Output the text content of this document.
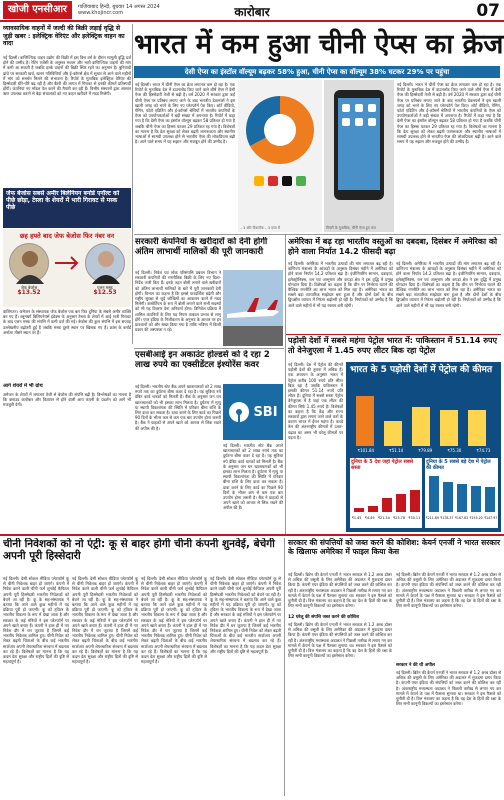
खोजी एनसीआर	गाजियाबाद हिन्दी, बुधवार 14 अगस्त 2024
www.khojincr.com	कारोबार	07
व्यावसायिक वाहनों में जल्दी की बिक्री लड़ाई वृद्धि से जुड़ी खबर : इलेक्ट्रिक वेरिएंट और इलेक्ट्रिक वाहन का वादा
नई दिल्ली। वाणिज्यिक वाहन उद्योग की बिक्री में इस वित्त वर्ष के दौरान मामूली वृद्धि दर्ज होने की उम्मीद है। रेटिंग एजेंसी के अनुसार मध्यम और भारी वाणिज्यिक वाहनों की मांग में कमी आ सकती है जबकि हल्के वाहनों की बिक्री स्थिर रहने का अनुमान है। बुनियादी ढांचे पर सरकारी खर्च, खनन गतिविधियों और ई-कॉमर्स क्षेत्र में सुधार से आने वाले महीनों में मांग को समर्थन मिलने की संभावना है। रिपोर्ट के मुताबिक इलेक्ट्रिक वेरिएंट की हिस्सेदारी धीरे-धीरे बढ़ रही है और बैटरी की लागत में गिरावट से इनकी कीमतें प्रतिस्पर्धी होंगी। कंपनियां नए मॉडल पेश करने की तैयारी कर रही हैं। वित्तीय संस्थानों द्वारा आसान ऋण उपलब्ध कराने से बेड़ा संचालकों को नए वाहन खरीदने में मदद मिलेगी।
जेफ बेजोस सबसे अमीर बिलेनियन बर्नार्ड एनॉल्ट को पीछे छोड़ा, टेस्ला के शेयरों में भारी गिरावट से मस्क पीछे
छह हफ्ते बाद जेफ बेजोस फिर नंबर वन
जेफ बेजोस
$13.52
एलन मस्क
$12.53
वाशिंगटन। अमेजन के संस्थापक जेफ बेजोस एक बार फिर दुनिया के सबसे अमीर व्यक्ति बन गए हैं। ब्लूमबर्ग बिलियनेयर्स इंडेक्स के अनुसार टेस्ला के शेयरों में आई भारी गिरावट के बाद एलन मस्क की संपत्ति में कमी दर्ज की गई। बेजोस की कुल संपत्ति में इस सप्ताह उल्लेखनीय बढ़ोतरी हुई है जबकि मस्क दूसरे स्थान पर खिसक गए हैं। फ्रांस के बर्नार्ड अर्नाल्ट तीसरे स्थान पर हैं।
आगे शेयरों में भी ग्रोथ
अमेजन के शेयरों में लगातार तेजी से बेजोस की संपत्ति बढ़ी है। विश्लेषकों का मानना है कि क्लाउड कारोबार और विज्ञापन से होने वाली आय कंपनी के प्रदर्शन को आगे भी मजबूती देगी।
भारत में कम हुआ चीनी ऐप्स का क्रेज
देसी ऐप्स का इंस्टॉल वॉल्यूम बढ़कर 58% हुआ, चीनी ऐप्स का वॉल्यूम 38% घटकर 29% पर पहुंचा
नई दिल्ली। भारत में चीनी ऐप्स का क्रेज लगातार कम हो रहा है। एक रिपोर्ट के मुताबिक देश में डाउनलोड किए जाने वाले शीर्ष ऐप्स में देसी ऐप्स की हिस्सेदारी तेजी से बढ़ी है। वर्ष 2020 में सरकार द्वारा कई चीनी ऐप्स पर प्रतिबंध लगाए जाने के बाद भारतीय डेवलपर्स ने इस खाली जगह को भरने के लिए नए प्लेटफॉर्म पेश किए। शॉर्ट वीडियो, गेमिंग, फोटो एडिटिंग और ई-कॉमर्स श्रेणियों में भारतीय कंपनियों के ऐप्स को उपयोगकर्ताओं ने बड़ी संख्या में अपनाया है। रिपोर्ट में कहा गया है कि देसी ऐप्स का इंस्टॉल वॉल्यूम बढ़कर 58 प्रतिशत हो गया है जबकि चीनी ऐप्स का हिस्सा घटकर 29 प्रतिशत रह गया है। विशेषज्ञों का मानना है कि डेटा सुरक्षा को लेकर बढ़ती जागरूकता और स्थानीय भाषाओं में सामग्री उपलब्ध होने से भारतीय ऐप्स की लोकप्रियता बढ़ी है। आने वाले समय में यह रुझान और मजबूत होने की उम्मीद है।
– 3 और टिकटॉक – 3 एप्स में	निफ्टी के मुताबिक, चीनी ऐप्स हुए कम
नई दिल्ली। भारत में चीनी ऐप्स का क्रेज लगातार कम हो रहा है। एक रिपोर्ट के मुताबिक देश में डाउनलोड किए जाने वाले शीर्ष ऐप्स में देसी ऐप्स की हिस्सेदारी तेजी से बढ़ी है। वर्ष 2020 में सरकार द्वारा कई चीनी ऐप्स पर प्रतिबंध लगाए जाने के बाद भारतीय डेवलपर्स ने इस खाली जगह को भरने के लिए नए प्लेटफॉर्म पेश किए। शॉर्ट वीडियो, गेमिंग, फोटो एडिटिंग और ई-कॉमर्स श्रेणियों में भारतीय कंपनियों के ऐप्स को उपयोगकर्ताओं ने बड़ी संख्या में अपनाया है। रिपोर्ट में कहा गया है कि देसी ऐप्स का इंस्टॉल वॉल्यूम बढ़कर 58 प्रतिशत हो गया है जबकि चीनी ऐप्स का हिस्सा घटकर 29 प्रतिशत रह गया है। विशेषज्ञों का मानना है कि डेटा सुरक्षा को लेकर बढ़ती जागरूकता और स्थानीय भाषाओं में सामग्री उपलब्ध होने से भारतीय ऐप्स की लोकप्रियता बढ़ी है। आने वाले समय में यह रुझान और मजबूत होने की उम्मीद है।
सरकारी कंपनियों के खरीदारों को देनी होगी अंतिम लाभार्थी मालिकों की पूरी जानकारी
नई दिल्ली। निवेश एवं लोक परिसंपत्ति प्रबंधन विभाग ने सरकारी कंपनियों की रणनीतिक बिक्री के लिए नए दिशा-निर्देश जारी किए हैं। इनके तहत बोली लगाने वाले खरीदारों को अंतिम लाभार्थी मालिकों के बारे में पूरी जानकारी देनी होगी। विभाग का कहना है कि इससे पारदर्शिता बढ़ेगी और राष्ट्रीय सुरक्षा से जुड़े जोखिमों का आकलन करने में मदद मिलेगी। कंसोर्टियम के रूप में बोली लगाने वाले सभी सदस्यों को भी यह विवरण देना अनिवार्य होगा। विनिवेश प्रक्रिया में शामिल कंपनियों के लिए यह नियम तत्काल प्रभाव से लागू होंगे। एयर इंडिया के निजीकरण के अनुभव के आधार पर इन प्रावधानों को और सख्त किया गया है ताकि भविष्य में किसी प्रकार की अस्पष्टता न रहे।
एसबीआई इन अकाउंट होल्डर्स को दे रहा 2 लाख रुपये का एक्सीडेंटल इंश्योरेंस कवर
नई दिल्ली। भारतीय स्टेट बैंक अपने खाताधारकों को 2 लाख रुपये तक का दुर्घटना बीमा कवर दे रहा है। यह सुविधा रुपे डेबिट कार्ड धारकों को मिलती है। बैंक के अनुसार जन धन खाताधारकों को भी इसका लाभ मिलता है। दुर्घटना में मृत्यु या स्थायी विकलांगता की स्थिति में परिवार बीमा राशि के लिए दावा कर सकता है। दावा करने के लिए कार्ड का पिछले 90 दिनों के भीतर कम से कम एक बार उपयोग होना जरूरी है। बैंक ने ग्राहकों से अपने खाते को आधार से लिंक रखने की अपील की है।
SBI
नई दिल्ली। भारतीय स्टेट बैंक अपने खाताधारकों को 2 लाख रुपये तक का दुर्घटना बीमा कवर दे रहा है। यह सुविधा रुपे डेबिट कार्ड धारकों को मिलती है। बैंक के अनुसार जन धन खाताधारकों को भी इसका लाभ मिलता है। दुर्घटना में मृत्यु या स्थायी विकलांगता की स्थिति में परिवार बीमा राशि के लिए दावा कर सकता है। दावा करने के लिए कार्ड का पिछले 90 दिनों के भीतर कम से कम एक बार उपयोग होना जरूरी है। बैंक ने ग्राहकों से अपने खाते को आधार से लिंक रखने की अपील की है।
अमेरिका में बढ़ रहा भारतीय वस्तुओं का दबदबा, दिसंबर में अमेरिका को होने वाला निर्यात 14.2 फीसदी बढ़ा
नई दिल्ली। अमेरिका में भारतीय उत्पादों की मांग लगातार बढ़ रही है। वाणिज्य मंत्रालय के आंकड़ों के अनुसार दिसंबर महीने में अमेरिका को होने वाला निर्यात 14.2 प्रतिशत बढ़ा है। इंजीनियरिंग सामान, दवाइयां, इलेक्ट्रॉनिक्स, रत्न एवं आभूषण और कपड़ा क्षेत्र ने इस वृद्धि में प्रमुख योगदान दिया है। विशेषज्ञों का कहना है कि चीन पर निर्भरता घटाने की वैश्विक रणनीति का लाभ भारत को मिल रहा है। अमेरिका भारत का सबसे बड़ा व्यापारिक साझेदार बना हुआ है और दोनों देशों के बीच द्विपक्षीय व्यापार में निरंतर बढ़ोतरी हो रही है। निर्यातकों को उम्मीद है कि आने वाले महीनों में भी यह रफ्तार बनी रहेगी।
नई दिल्ली। अमेरिका में भारतीय उत्पादों की मांग लगातार बढ़ रही है। वाणिज्य मंत्रालय के आंकड़ों के अनुसार दिसंबर महीने में अमेरिका को होने वाला निर्यात 14.2 प्रतिशत बढ़ा है। इंजीनियरिंग सामान, दवाइयां, इलेक्ट्रॉनिक्स, रत्न एवं आभूषण और कपड़ा क्षेत्र ने इस वृद्धि में प्रमुख योगदान दिया है। विशेषज्ञों का कहना है कि चीन पर निर्भरता घटाने की वैश्विक रणनीति का लाभ भारत को मिल रहा है। अमेरिका भारत का सबसे बड़ा व्यापारिक साझेदार बना हुआ है और दोनों देशों के बीच द्विपक्षीय व्यापार में निरंतर बढ़ोतरी हो रही है। निर्यातकों को उम्मीद है कि आने वाले महीनों में भी यह रफ्तार बनी रहेगी।
पड़ोसी देशों में सबसे महंगा पेट्रोल भारत में: पाकिस्तान में 51.14 रुपए तो वेनेजुएला में 1.45 रुपए लीटर बिक रहा पेट्रोल
नई दिल्ली। देश में पेट्रोल की कीमतें पड़ोसी देशों की तुलना में अधिक हैं। एक अध्ययन के अनुसार भारत में पेट्रोल करीब 100 रुपये प्रति लीटर बिक रहा है जबकि पाकिस्तान में इसकी कीमत 51.14 रुपये प्रति लीटर है। दुनिया में सबसे सस्ता पेट्रोल वेनेजुएला में है जहां एक लीटर की कीमत सिर्फ 1.45 रुपये है। विशेषज्ञों का कहना है कि केंद्र और राज्य सरकारों द्वारा लगाए जाने वाले करों के कारण भारत में ईंधन महंगा है। कच्चे तेल की अंतरराष्ट्रीय कीमतों में उतार-चढ़ाव का असर भी घरेलू कीमतों पर पड़ता है।
भारत के 5 पड़ोसी देशों में पेट्रोल की कीमत
₹101.84	₹51.14	₹79.89	₹75.30	₹74.73
दुनिया के 5 देश जहां पेट्रोल सबसे सस्ता
₹1.45 ₹4.49 ₹21.34 ₹25.78 ₹30.11
दुनिया के 5 सबसे बड़े देश में पेट्रोल की कीमत
₹211.69 ₹178.37 ₹167.83 ₹155.20 ₹147.97
चीनी निवेशकों को नो एंट्री: कू से बाहर होगी चीनी कंपनी शुनवेई, बेचेगी अपनी पूरी हिस्सेदारी
नई दिल्ली। देसी सोशल मीडिया प्लेटफॉर्म कू से चीनी निवेशक बाहर हो जाएंगे। कंपनी में निवेश करने वाली चीनी फर्म शुनवेई कैपिटल अपनी पूरी हिस्सेदारी भारतीय निवेशकों को बेचने जा रही है। कू के सह-संस्थापक ने बताया कि आने वाले कुछ महीनों में यह प्रक्रिया पूरी हो जाएगी। कू को ट्विटर के भारतीय विकल्प के रूप में देखा जाता है और सरकार के कई मंत्रियों ने इस प्लेटफॉर्म पर अपने खाते बनाए हैं। कंपनी ने हाल ही में नए निवेश दौर में धन जुटाया है जिसमें कई भारतीय निवेशक शामिल हुए। चीनी निवेश को लेकर बढ़ती चिंताओं के बीच कई भारतीय स्टार्टअप अपनी शेयरधारिता संरचना में बदलाव कर रहे हैं। विशेषज्ञों का मानना है कि यह कदम डेटा सुरक्षा और राष्ट्रीय हितों की दृष्टि से महत्वपूर्ण है।
नई दिल्ली। देसी सोशल मीडिया प्लेटफॉर्म कू से चीनी निवेशक बाहर हो जाएंगे। कंपनी में निवेश करने वाली चीनी फर्म शुनवेई कैपिटल अपनी पूरी हिस्सेदारी भारतीय निवेशकों को बेचने जा रही है। कू के सह-संस्थापक ने बताया कि आने वाले कुछ महीनों में यह प्रक्रिया पूरी हो जाएगी। कू को ट्विटर के भारतीय विकल्प के रूप में देखा जाता है और सरकार के कई मंत्रियों ने इस प्लेटफॉर्म पर अपने खाते बनाए हैं। कंपनी ने हाल ही में नए निवेश दौर में धन जुटाया है जिसमें कई भारतीय निवेशक शामिल हुए। चीनी निवेश को लेकर बढ़ती चिंताओं के बीच कई भारतीय स्टार्टअप अपनी शेयरधारिता संरचना में बदलाव कर रहे हैं। विशेषज्ञों का मानना है कि यह कदम डेटा सुरक्षा और राष्ट्रीय हितों की दृष्टि से महत्वपूर्ण है।
नई दिल्ली। देसी सोशल मीडिया प्लेटफॉर्म कू से चीनी निवेशक बाहर हो जाएंगे। कंपनी में निवेश करने वाली चीनी फर्म शुनवेई कैपिटल अपनी पूरी हिस्सेदारी भारतीय निवेशकों को बेचने जा रही है। कू के सह-संस्थापक ने बताया कि आने वाले कुछ महीनों में यह प्रक्रिया पूरी हो जाएगी। कू को ट्विटर के भारतीय विकल्प के रूप में देखा जाता है और सरकार के कई मंत्रियों ने इस प्लेटफॉर्म पर अपने खाते बनाए हैं। कंपनी ने हाल ही में नए निवेश दौर में धन जुटाया है जिसमें कई भारतीय निवेशक शामिल हुए। चीनी निवेश को लेकर बढ़ती चिंताओं के बीच कई भारतीय स्टार्टअप अपनी शेयरधारिता संरचना में बदलाव कर रहे हैं। विशेषज्ञों का मानना है कि यह कदम डेटा सुरक्षा और राष्ट्रीय हितों की दृष्टि से महत्वपूर्ण है।
नई दिल्ली। देसी सोशल मीडिया प्लेटफॉर्म कू से चीनी निवेशक बाहर हो जाएंगे। कंपनी में निवेश करने वाली चीनी फर्म शुनवेई कैपिटल अपनी पूरी हिस्सेदारी भारतीय निवेशकों को बेचने जा रही है। कू के सह-संस्थापक ने बताया कि आने वाले कुछ महीनों में यह प्रक्रिया पूरी हो जाएगी। कू को ट्विटर के भारतीय विकल्प के रूप में देखा जाता है और सरकार के कई मंत्रियों ने इस प्लेटफॉर्म पर अपने खाते बनाए हैं। कंपनी ने हाल ही में नए निवेश दौर में धन जुटाया है जिसमें कई भारतीय निवेशक शामिल हुए। चीनी निवेश को लेकर बढ़ती चिंताओं के बीच कई भारतीय स्टार्टअप अपनी शेयरधारिता संरचना में बदलाव कर रहे हैं। विशेषज्ञों का मानना है कि यह कदम डेटा सुरक्षा और राष्ट्रीय हितों की दृष्टि से महत्वपूर्ण है।
सरकार की संपत्तियों को जब्त करने की कोशिश: केयर्न एनर्जी ने भारत सरकार के खिलाफ अमेरिका में फाइल किया केस
नई दिल्ली। ब्रिटेन की केयर्न एनर्जी ने भारत सरकार से 1.2 अरब डॉलर से अधिक की वसूली के लिए अमेरिका की अदालत में मुकदमा दायर किया है। कंपनी एयर इंडिया की संपत्तियों को जब्त करने की कोशिश कर रही है। अंतरराष्ट्रीय मध्यस्थता अदालत ने पिछली तारीख से लगाए गए कर मामले में केयर्न के पक्ष में फैसला सुनाया था। सरकार ने इस फैसले को चुनौती दी है। वित्त मंत्रालय का कहना है कि वह देश के हितों की रक्षा के लिए सभी कानूनी विकल्पों का इस्तेमाल करेगा।
12 घरेलू की संपत्ति जब्त करने की कोशिश
नई दिल्ली। ब्रिटेन की केयर्न एनर्जी ने भारत सरकार से 1.2 अरब डॉलर से अधिक की वसूली के लिए अमेरिका की अदालत में मुकदमा दायर किया है। कंपनी एयर इंडिया की संपत्तियों को जब्त करने की कोशिश कर रही है। अंतरराष्ट्रीय मध्यस्थता अदालत ने पिछली तारीख से लगाए गए कर मामले में केयर्न के पक्ष में फैसला सुनाया था। सरकार ने इस फैसले को चुनौती दी है। वित्त मंत्रालय का कहना है कि वह देश के हितों की रक्षा के लिए सभी कानूनी विकल्पों का इस्तेमाल करेगा।
नई दिल्ली। ब्रिटेन की केयर्न एनर्जी ने भारत सरकार से 1.2 अरब डॉलर से अधिक की वसूली के लिए अमेरिका की अदालत में मुकदमा दायर किया है। कंपनी एयर इंडिया की संपत्तियों को जब्त करने की कोशिश कर रही है। अंतरराष्ट्रीय मध्यस्थता अदालत ने पिछली तारीख से लगाए गए कर मामले में केयर्न के पक्ष में फैसला सुनाया था। सरकार ने इस फैसले को चुनौती दी है। वित्त मंत्रालय का कहना है कि वह देश के हितों की रक्षा के लिए सभी कानूनी विकल्पों का इस्तेमाल करेगा।
सरकार ने की थी अपील
नई दिल्ली। ब्रिटेन की केयर्न एनर्जी ने भारत सरकार से 1.2 अरब डॉलर से अधिक की वसूली के लिए अमेरिका की अदालत में मुकदमा दायर किया है। कंपनी एयर इंडिया की संपत्तियों को जब्त करने की कोशिश कर रही है। अंतरराष्ट्रीय मध्यस्थता अदालत ने पिछली तारीख से लगाए गए कर मामले में केयर्न के पक्ष में फैसला सुनाया था। सरकार ने इस फैसले को चुनौती दी है। वित्त मंत्रालय का कहना है कि वह देश के हितों की रक्षा के लिए सभी कानूनी विकल्पों का इस्तेमाल करेगा।
